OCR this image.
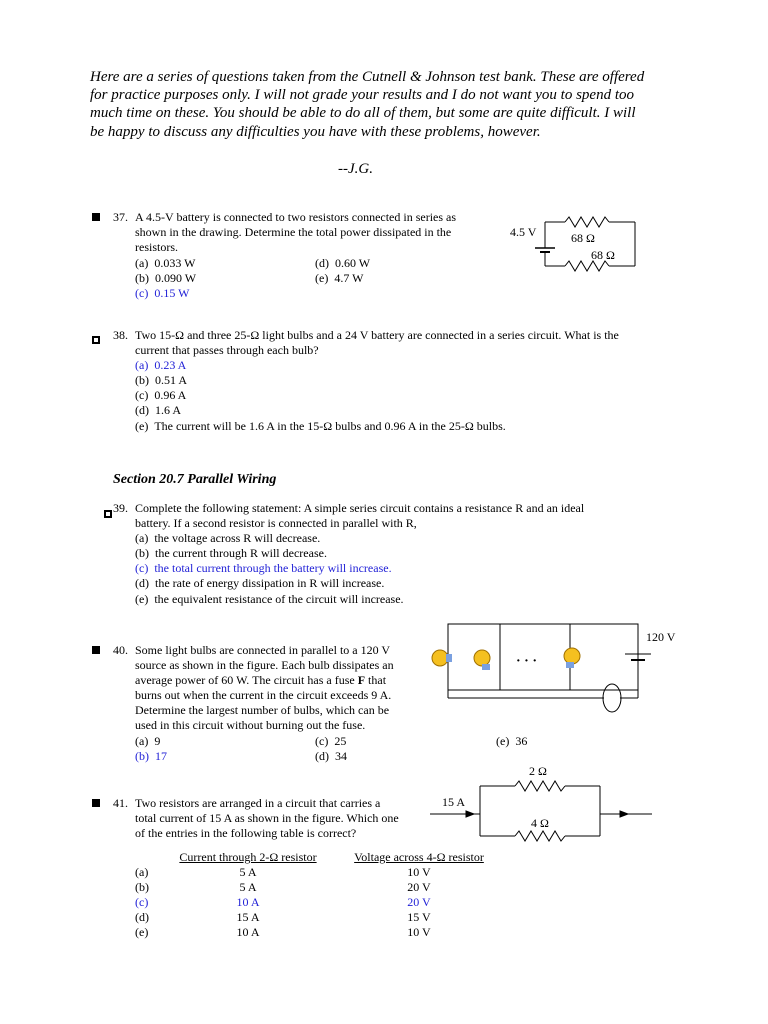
Here are a series of questions taken from the Cutnell & Johnson test bank. These are offered for practice purposes only. I will not grade your results and I do not want you to spend too much time on these. You should be able to do all of them, but some are quite difficult. I will be happy to discuss any difficulties you have with these problems, however.
--J.G.
37. A 4.5-V battery is connected to two resistors connected in series as shown in the drawing. Determine the total power dissipated in the resistors.
(a) 0.033 W
(b) 0.090 W
(c) 0.15 W
(d) 0.60 W
(e) 4.7 W
4.5 V	68 Ω
68 Ω

38. Two 15-Ω and three 25-Ω light bulbs and a 24 V battery are connected in a series circuit. What is the current that passes through each bulb?
(a) 0.23 A
(b) 0.51 A
(c) 0.96 A
(d) 1.6 A
(e) The current will be 1.6 A in the 15-Ω bulbs and 0.96 A in the 25-Ω bulbs.
Section 20.7 Parallel Wiring
39. Complete the following statement: A simple series circuit contains a resistance R and an ideal
battery. If a second resistor is connected in parallel with R,
(a) the voltage across R will decrease.
(b) the current through R will decrease.
(c) the total current through the battery will increase.
(d) the rate of energy dissipation in R will increase.
(e) the equivalent resistance of the circuit will increase.
40. Some light bulbs are connected in parallel to a 120 V
source as shown in the figure. Each bulb dissipates an
average power of 60 W. The circuit has a fuse F that
burns out when the current in the circuit exceeds 9 A.
Determine the largest number of bulbs, which can be
used in this circuit without burning out the fuse.
(a) 9
(b) 17
(c) 25
(d) 34
(e) 36
· · ·
120 V
41. Two resistors are arranged in a circuit that carries a
total current of 15 A as shown in the figure. Which one
of the entries in the following table is correct?
	Current through 2-Ω resistor	Voltage across 4-Ω resistor
(a)	5 A	10 V
(b)	5 A	20 V
(c)	10 A	20 V
(d)	15 A	15 V
(e)	10 A	10 V
15 A
2 Ω
4 Ω
